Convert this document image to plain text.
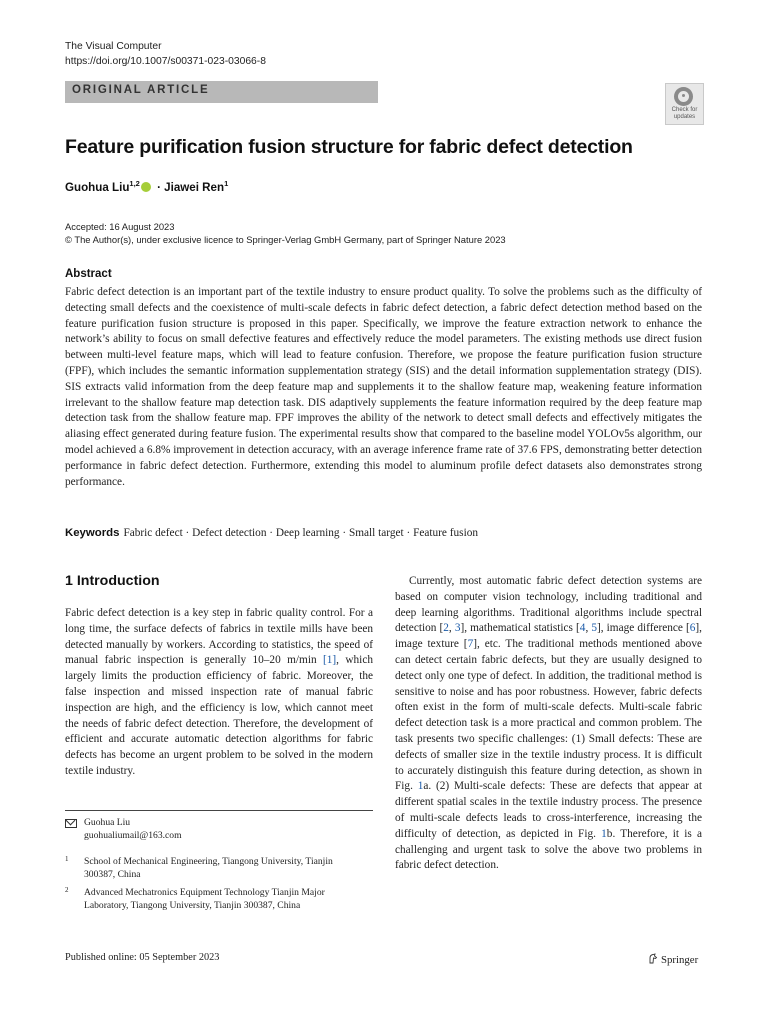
The Visual Computer
https://doi.org/10.1007/s00371-023-03066-8
ORIGINAL ARTICLE
Check for
updates
Feature purification fusion structure for fabric defect detection
Guohua Liu$^{1,2}$ · Jiawei Ren$^1$
Accepted: 16 August 2023
© The Author(s), under exclusive licence to Springer-Verlag GmbH Germany, part of Springer Nature 2023
Abstract

Fabric defect detection is an important part of the textile industry to ensure product quality. To solve the problems such as the difficulty of detecting small defects and the coexistence of multi-scale defects in fabric defect detection, a fabric defect detection method based on the feature purification fusion structure is proposed in this paper. Specifically, we improve the feature extraction network to enhance the network’s ability to focus on small defective features and effectively reduce the model parameters. The existing methods use direct fusion between multi-level feature maps, which will lead to feature confusion. Therefore, we propose the feature purification fusion structure (FPF), which includes the semantic information supplementation strategy (SIS) and the detail information supplementation strategy (DIS). SIS extracts valid information from the deep feature map and supplements it to the shallow feature map, weakening feature information irrelevant to the shallow feature map detection task. DIS adaptively supplements the feature information required by the deep feature map detection task from the shallow feature map. FPF improves the ability of the network to detect small defects and effectively mitigates the aliasing effect generated during feature fusion. The experimental results show that compared to the baseline model YOLOv5s algorithm, our model achieved a 6.8% improvement in detection accuracy, with an average inference frame rate of 37.6 FPS, demonstrating better detection performance in fabric defect detection. Furthermore, extending this model to aluminum profile defect datasets also demonstrates strong performance.

Keywords Fabric defect · Defect detection · Deep learning · Small target · Feature fusion
1 Introduction

Fabric defect detection is a key step in fabric quality control. For a long time, the surface defects of fabrics in textile mills have been detected manually by workers. According to statistics, the speed of manual fabric inspection is generally 10–20 m/min [1], which largely limits the production efficiency of fabric. Moreover, the false inspection and missed inspection rate of manual fabric inspection are high, and the efficiency is low, which cannot meet the needs of fabric defect detection. Therefore, the development of efficient and accurate automatic detection algorithms for fabric defects has become an urgent problem to be solved in the modern textile industry.

Currently, most automatic fabric defect detection systems are based on computer vision technology, including traditional and deep learning algorithms. Traditional algorithms include spectral detection [2, 3], mathematical statistics [4, 5], image difference [6], image texture [7], etc. The traditional methods mentioned above can detect certain fabric defects, but they are usually designed to detect only one type of defect. In addition, the traditional method is sensitive to noise and has poor robustness. However, fabric defects often exist in the form of multi-scale defects. Multi-scale fabric defect detection task is a more practical and common problem. The task presents two specific challenges: (1) Small defects: These are defects of smaller size in the textile industry process. It is difficult to accurately distinguish this feature during detection, as shown in Fig. 1a. (2) Multi-scale defects: These are defects that appear at different spatial scales in the textile industry process. The presence of multi-scale defects leads to cross-interference, increasing the difficulty of detection, as depicted in Fig. 1b. Therefore, it is a challenging and urgent task to solve the above two problems in fabric defect detection.

Guohua Liu
guohualiumail@163.com
1 School of Mechanical Engineering, Tiangong University, Tianjin 300387, China
2 Advanced Mechatronics Equipment Technology Tianjin Major Laboratory, Tiangong University, Tianjin 300387, China
Published online: 05 September 2023	Springer
